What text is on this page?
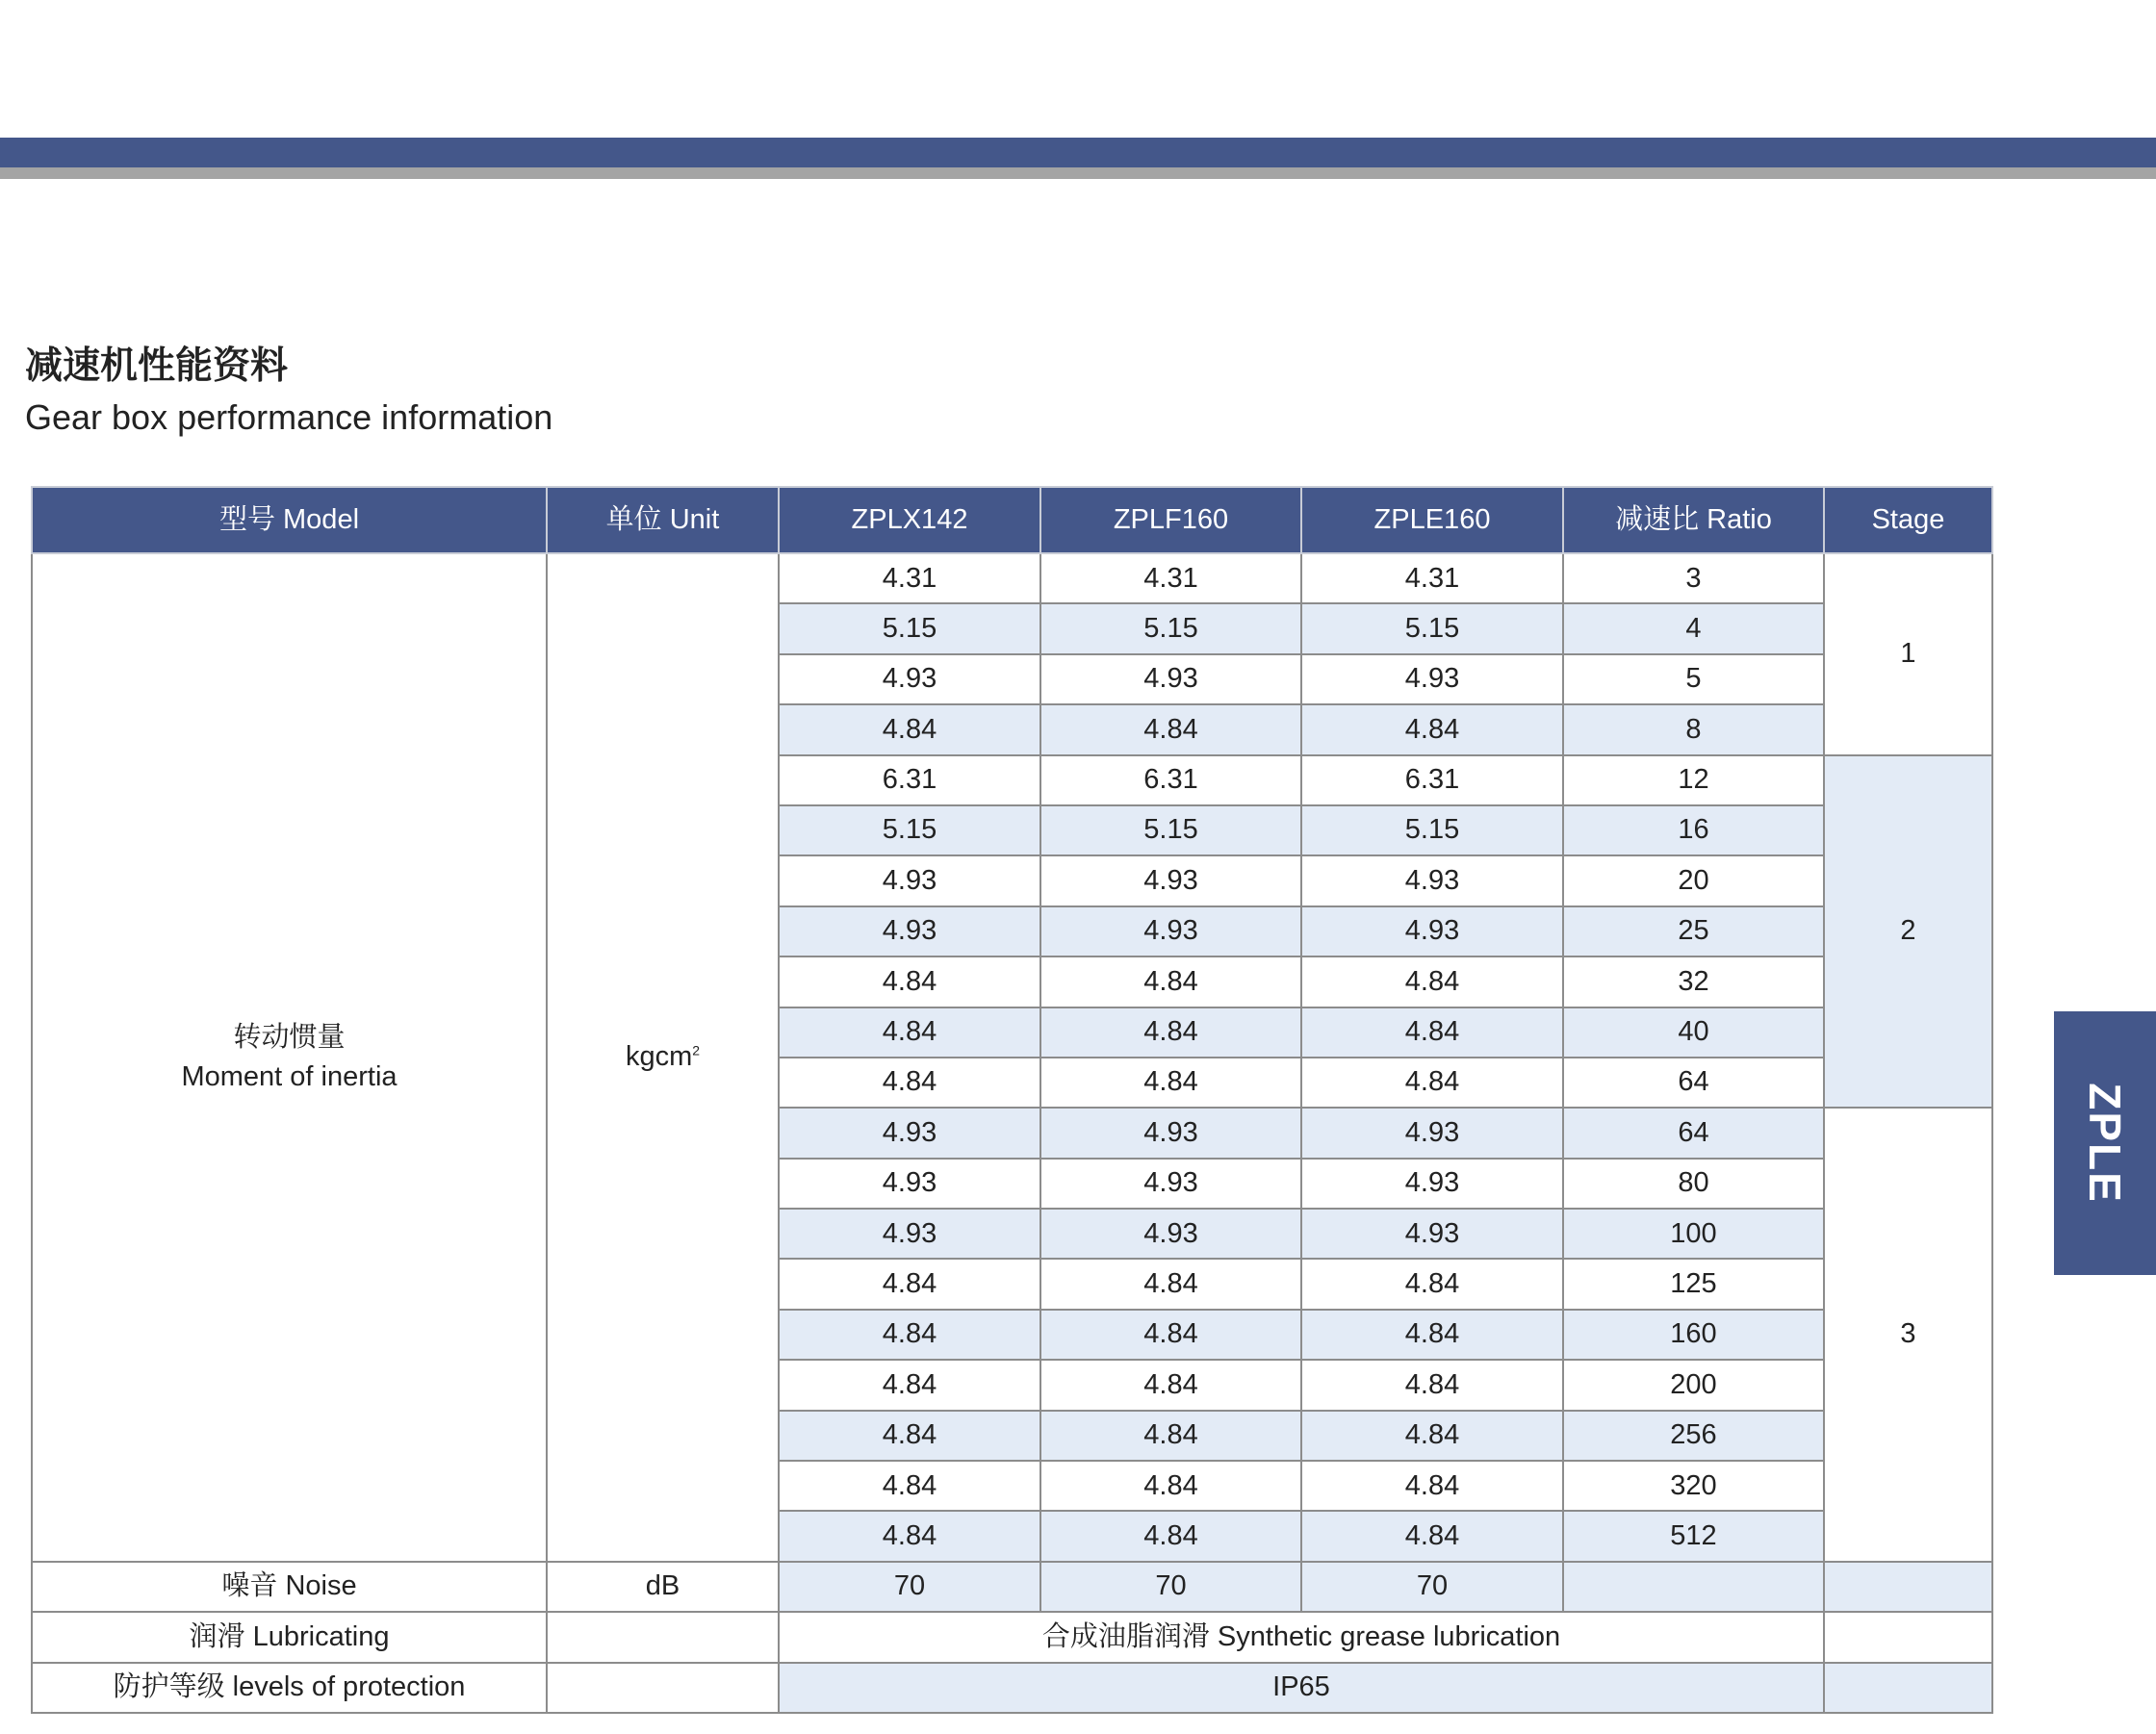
减速机性能资料
Gear box performance information
ZPLE
型号 Model	单位 Unit	ZPLX142	ZPLF160	ZPLE160	减速比 Ratio	Stage

转动惯量
Moment of inertia	kgcm$^2$	4.31	4.31	4.31	3	1
		5.15	5.15	5.15	4	
		4.93	4.93	4.93	5	
		4.84	4.84	4.84	8	
		6.31	6.31	6.31	12	2
		5.15	5.15	5.15	16	
		4.93	4.93	4.93	20	
		4.93	4.93	4.93	25	
		4.84	4.84	4.84	32	
		4.84	4.84	4.84	40	
		4.84	4.84	4.84	64	
		4.93	4.93	4.93	64	3
		4.93	4.93	4.93	80	
		4.93	4.93	4.93	100	
		4.84	4.84	4.84	125	
		4.84	4.84	4.84	160	
		4.84	4.84	4.84	200	
		4.84	4.84	4.84	256	
		4.84	4.84	4.84	320	
		4.84	4.84	4.84	512	
噪音 Noise	dB	70	70	70		
润滑 Lubricating		合成油脂润滑 Synthetic grease lubrication				
防护等级 levels of protection		IP65				
